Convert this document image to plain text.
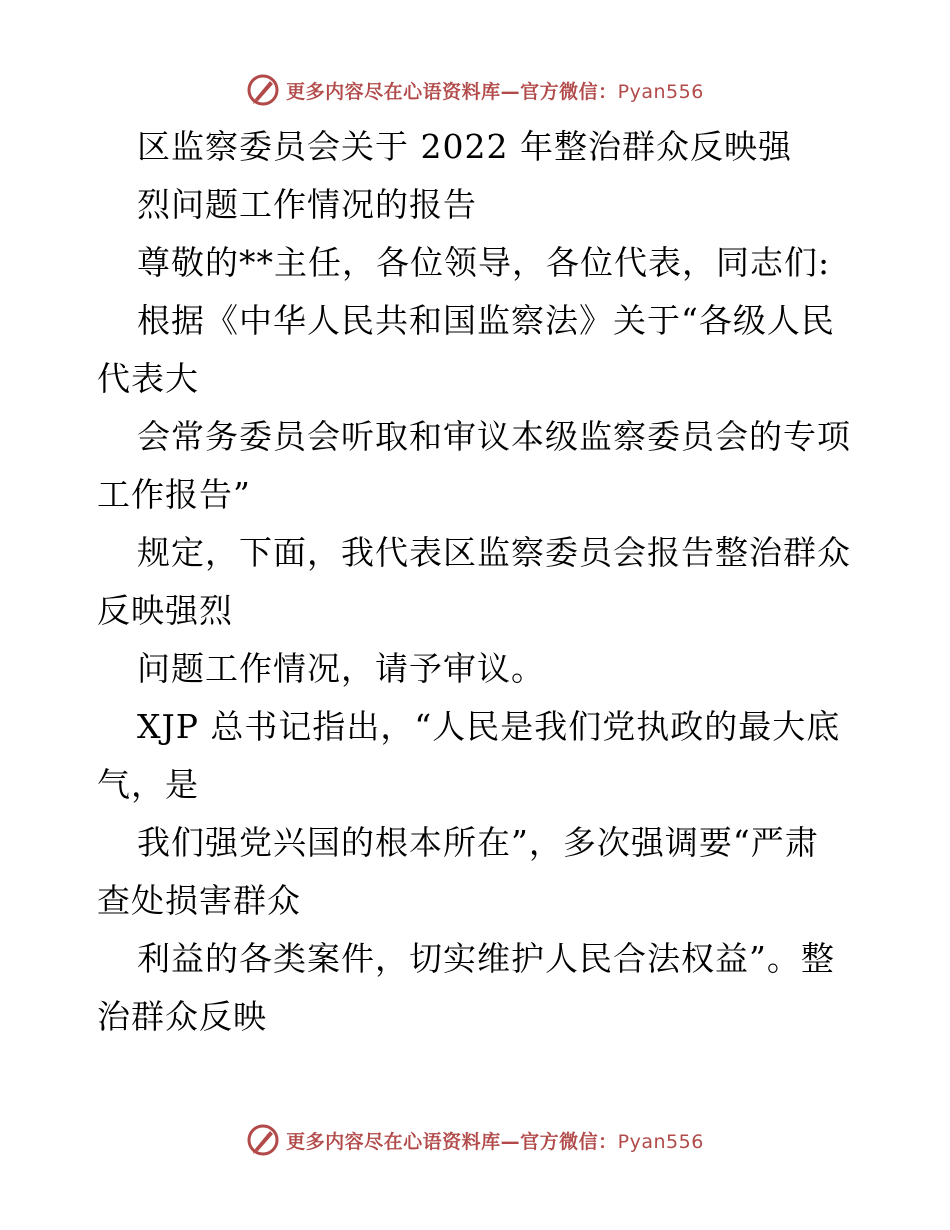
更多内容尽在心语资料库—官方微信：Pyan556
区监察委员会关于 2022 年整治群众反映强
烈问题工作情况的报告
尊敬的**主任，各位领导，各位代表，同志们:
根据《中华人民共和国监察法》关于“各级人民
代表大
会常务委员会听取和审议本级监察委员会的专项
工作报告”
规定，下面，我代表区监察委员会报告整治群众
反映强烈
问题工作情况，请予审议。
XJP 总书记指出，“人民是我们党执政的最大底
气，是
我们强党兴国的根本所在”，多次强调要“严肃
查处损害群众
利益的各类案件，切实维护人民合法权益”。整
治群众反映
更多内容尽在心语资料库—官方微信：Pyan556
